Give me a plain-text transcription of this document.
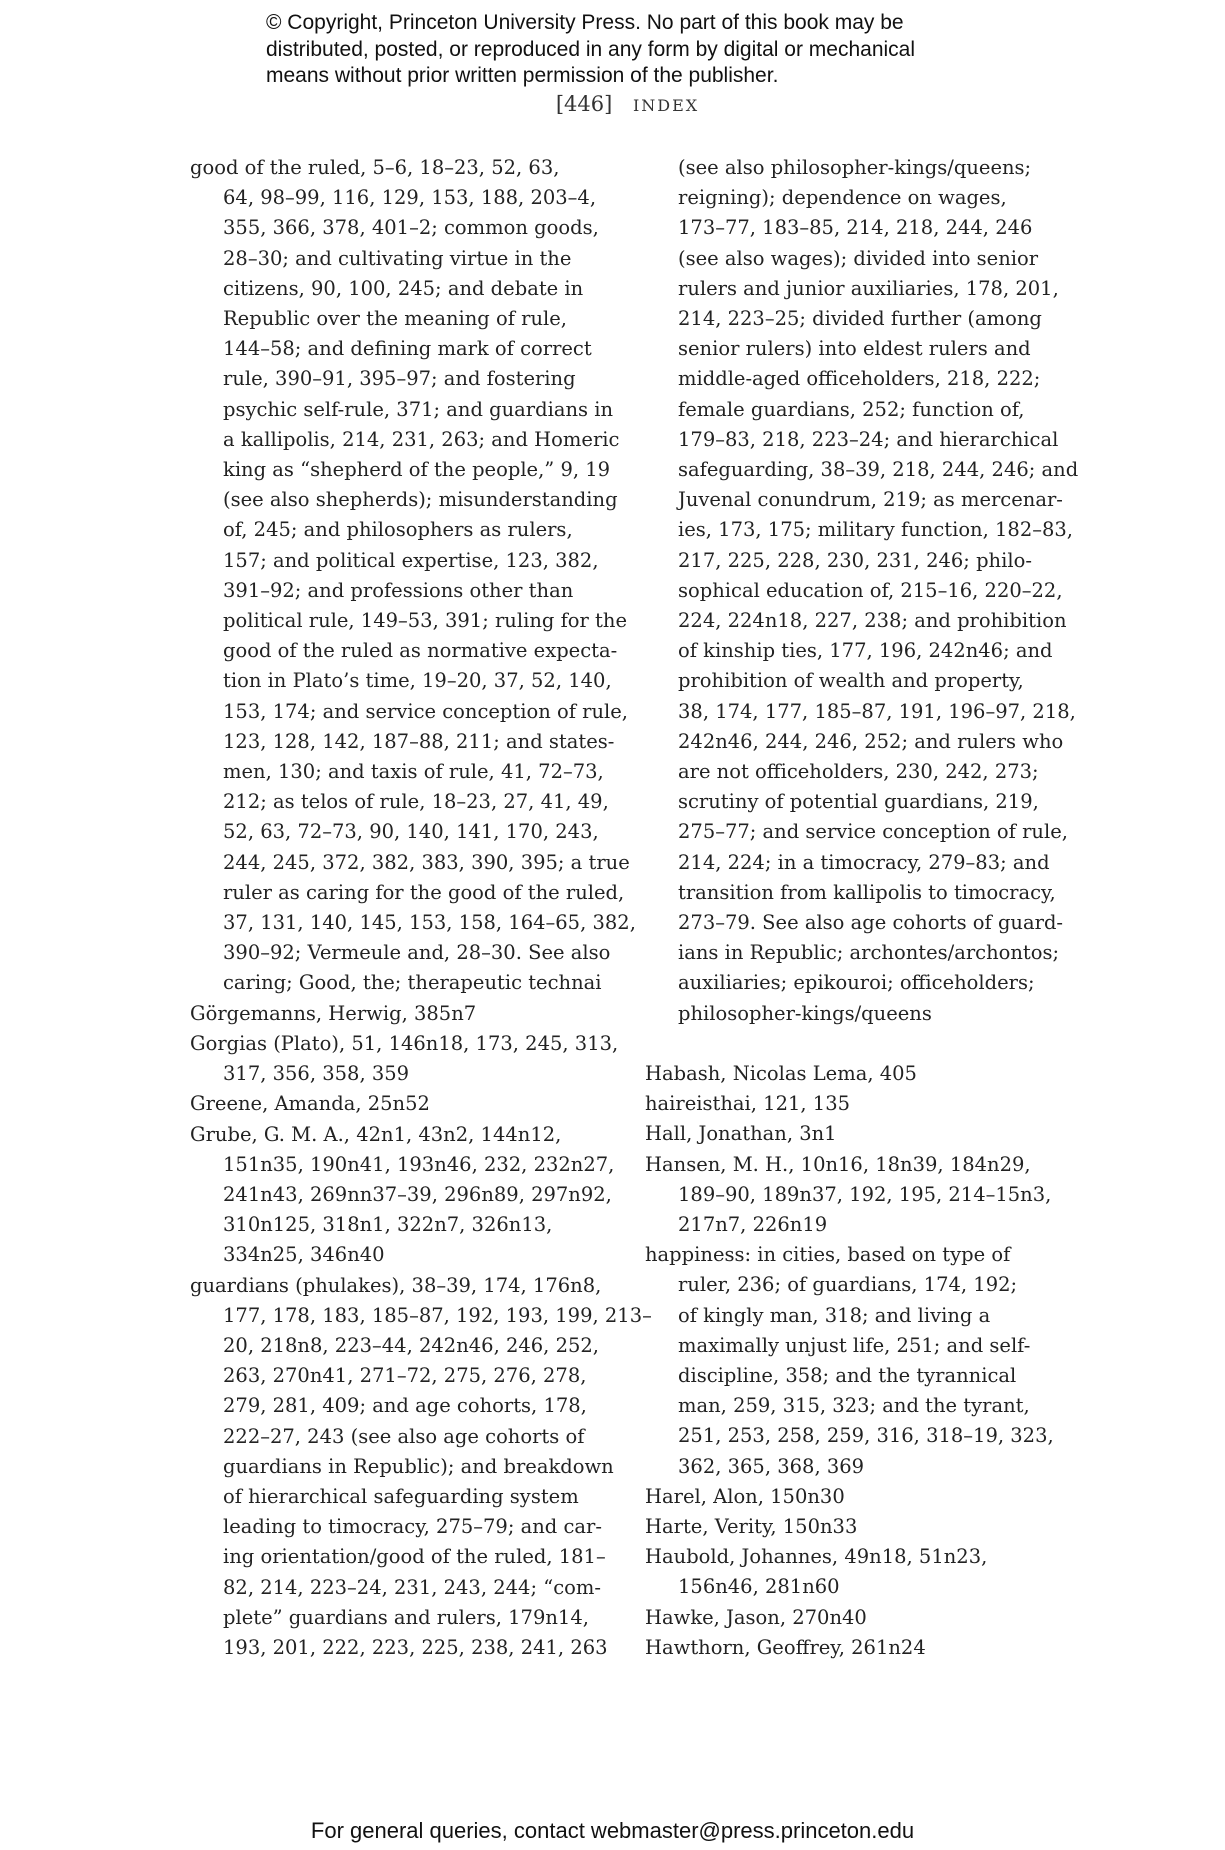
© Copyright, Princeton University Press. No part of this book may be
distributed, posted, or reproduced in any form by digital or mechanical
means without prior written permission of the publisher.
[446] INDEX
good of the ruled, 5–6, 18–23, 52, 63,
64, 98–99, 116, 129, 153, 188, 203–4,
355, 366, 378, 401–2; common goods,
28–30; and cultivating virtue in the
citizens, 90, 100, 245; and debate in
Republic over the meaning of rule,
144–58; and defining mark of correct
rule, 390–91, 395–97; and fostering
psychic self-rule, 371; and guardians in
a kallipolis, 214, 231, 263; and Homeric
king as “shepherd of the people,” 9, 19
(see also shepherds); misunderstanding
of, 245; and philosophers as rulers,
157; and political expertise, 123, 382,
391–92; and professions other than
political rule, 149–53, 391; ruling for the
good of the ruled as normative expecta-
tion in Plato’s time, 19–20, 37, 52, 140,
153, 174; and service conception of rule,
123, 128, 142, 187–88, 211; and states-
men, 130; and taxis of rule, 41, 72–73,
212; as telos of rule, 18–23, 27, 41, 49,
52, 63, 72–73, 90, 140, 141, 170, 243,
244, 245, 372, 382, 383, 390, 395; a true
ruler as caring for the good of the ruled,
37, 131, 140, 145, 153, 158, 164–65, 382,
390–92; Vermeule and, 28–30. See also
caring; Good, the; therapeutic technai
Görgemanns, Herwig, 385n7
Gorgias (Plato), 51, 146n18, 173, 245, 313,
317, 356, 358, 359
Greene, Amanda, 25n52
Grube, G. M. A., 42n1, 43n2, 144n12,
151n35, 190n41, 193n46, 232, 232n27,
241n43, 269nn37–39, 296n89, 297n92,
310n125, 318n1, 322n7, 326n13,
334n25, 346n40
guardians (phulakes), 38–39, 174, 176n8,
177, 178, 183, 185–87, 192, 193, 199, 213–
20, 218n8, 223–44, 242n46, 246, 252,
263, 270n41, 271–72, 275, 276, 278,
279, 281, 409; and age cohorts, 178,
222–27, 243 (see also age cohorts of
guardians in Republic); and breakdown
of hierarchical safeguarding system
leading to timocracy, 275–79; and car-
ing orientation/good of the ruled, 181–
82, 214, 223–24, 231, 243, 244; “com-
plete” guardians and rulers, 179n14,
193, 201, 222, 223, 225, 238, 241, 263
(see also philosopher-kings/queens;
reigning); dependence on wages,
173–77, 183–85, 214, 218, 244, 246
(see also wages); divided into senior
rulers and junior auxiliaries, 178, 201,
214, 223–25; divided further (among
senior rulers) into eldest rulers and
middle-aged officeholders, 218, 222;
female guardians, 252; function of,
179–83, 218, 223–24; and hierarchical
safeguarding, 38–39, 218, 244, 246; and
Juvenal conundrum, 219; as mercenar-
ies, 173, 175; military function, 182–83,
217, 225, 228, 230, 231, 246; philo-
sophical education of, 215–16, 220–22,
224, 224n18, 227, 238; and prohibition
of kinship ties, 177, 196, 242n46; and
prohibition of wealth and property,
38, 174, 177, 185–87, 191, 196–97, 218,
242n46, 244, 246, 252; and rulers who
are not officeholders, 230, 242, 273;
scrutiny of potential guardians, 219,
275–77; and service conception of rule,
214, 224; in a timocracy, 279–83; and
transition from kallipolis to timocracy,
273–79. See also age cohorts of guard-
ians in Republic; archontes/archontos;
auxiliaries; epikouroi; officeholders;
philosopher-kings/queens
Habash, Nicolas Lema, 405
haireisthai, 121, 135
Hall, Jonathan, 3n1
Hansen, M. H., 10n16, 18n39, 184n29,
189–90, 189n37, 192, 195, 214–15n3,
217n7, 226n19
happiness: in cities, based on type of
ruler, 236; of guardians, 174, 192;
of kingly man, 318; and living a
maximally unjust life, 251; and self-
discipline, 358; and the tyrannical
man, 259, 315, 323; and the tyrant,
251, 253, 258, 259, 316, 318–19, 323,
362, 365, 368, 369
Harel, Alon, 150n30
Harte, Verity, 150n33
Haubold, Johannes, 49n18, 51n23,
156n46, 281n60
Hawke, Jason, 270n40
Hawthorn, Geoffrey, 261n24
For general queries, contact webmaster@press.princeton.edu
